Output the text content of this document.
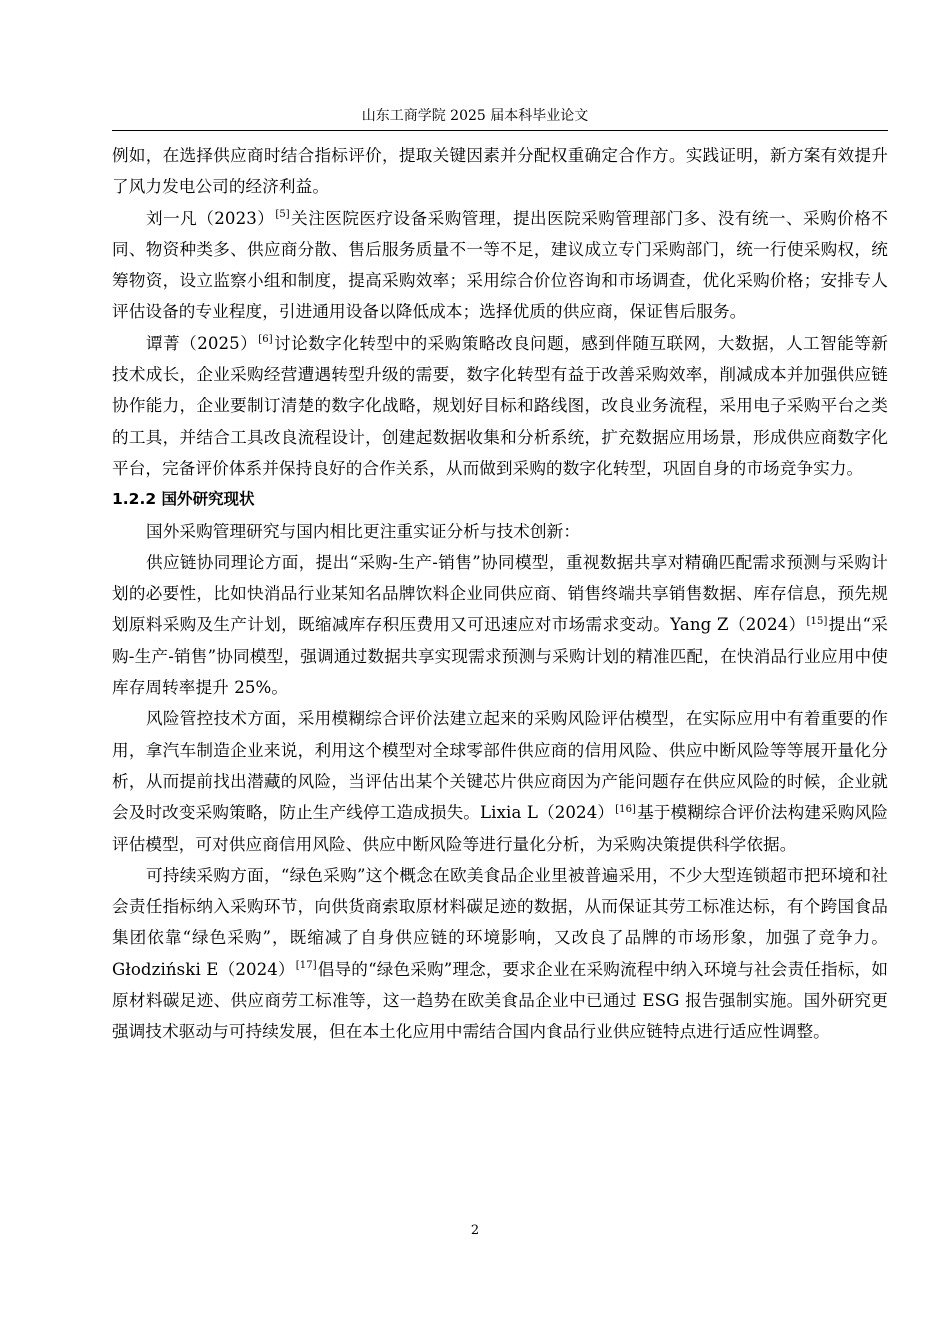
山东工商学院 2025 届本科毕业论文

例如，在选择供应商时结合指标评价，提取关键因素并分配权重确定合作方。实践证明，新方案有效提升了风力发电公司的经济利益。

刘一凡（2023）[5]关注医院医疗设备采购管理，提出医院采购管理部门多、没有统一、采购价格不同、物资种类多、供应商分散、售后服务质量不一等不足，建议成立专门采购部门，统一行使采购权，统筹物资，设立监察小组和制度，提高采购效率；采用综合价位咨询和市场调查，优化采购价格；安排专人评估设备的专业程度，引进通用设备以降低成本；选择优质的供应商，保证售后服务。

谭菁（2025）[6]讨论数字化转型中的采购策略改良问题，感到伴随互联网，大数据，人工智能等新技术成长，企业采购经营遭遇转型升级的需要，数字化转型有益于改善采购效率，削减成本并加强供应链协作能力，企业要制订清楚的数字化战略，规划好目标和路线图，改良业务流程，采用电子采购平台之类的工具，并结合工具改良流程设计，创建起数据收集和分析系统，扩充数据应用场景，形成供应商数字化平台，完备评价体系并保持良好的合作关系，从而做到采购的数字化转型，巩固自身的市场竞争实力。

1.2.2 国外研究现状

国外采购管理研究与国内相比更注重实证分析与技术创新：

供应链协同理论方面，提出“采购-生产-销售”协同模型，重视数据共享对精确匹配需求预测与采购计划的必要性，比如快消品行业某知名品牌饮料企业同供应商、销售终端共享销售数据、库存信息，预先规划原料采购及生产计划，既缩减库存积压费用又可迅速应对市场需求变动。Yang Z（2024）[15]提出“采购-生产-销售”协同模型，强调通过数据共享实现需求预测与采购计划的精准匹配，在快消品行业应用中使库存周转率提升 25%。

风险管控技术方面，采用模糊综合评价法建立起来的采购风险评估模型，在实际应用中有着重要的作用，拿汽车制造企业来说，利用这个模型对全球零部件供应商的信用风险、供应中断风险等等展开量化分析，从而提前找出潜藏的风险，当评估出某个关键芯片供应商因为产能问题存在供应风险的时候，企业就会及时改变采购策略，防止生产线停工造成损失。Lixia L（2024）[16]基于模糊综合评价法构建采购风险评估模型，可对供应商信用风险、供应中断风险等进行量化分析，为采购决策提供科学依据。

可持续采购方面，“绿色采购”这个概念在欧美食品企业里被普遍采用，不少大型连锁超市把环境和社会责任指标纳入采购环节，向供货商索取原材料碳足迹的数据，从而保证其劳工标准达标，有个跨国食品集团依靠“绿色采购”，既缩减了自身供应链的环境影响，又改良了品牌的市场形象，加强了竞争力。Głodziński E（2024）[17]倡导的“绿色采购”理念，要求企业在采购流程中纳入环境与社会责任指标，如原材料碳足迹、供应商劳工标准等，这一趋势在欧美食品企业中已通过 ESG 报告强制实施。国外研究更强调技术驱动与可持续发展，但在本土化应用中需结合国内食品行业供应链特点进行适应性调整。

2
